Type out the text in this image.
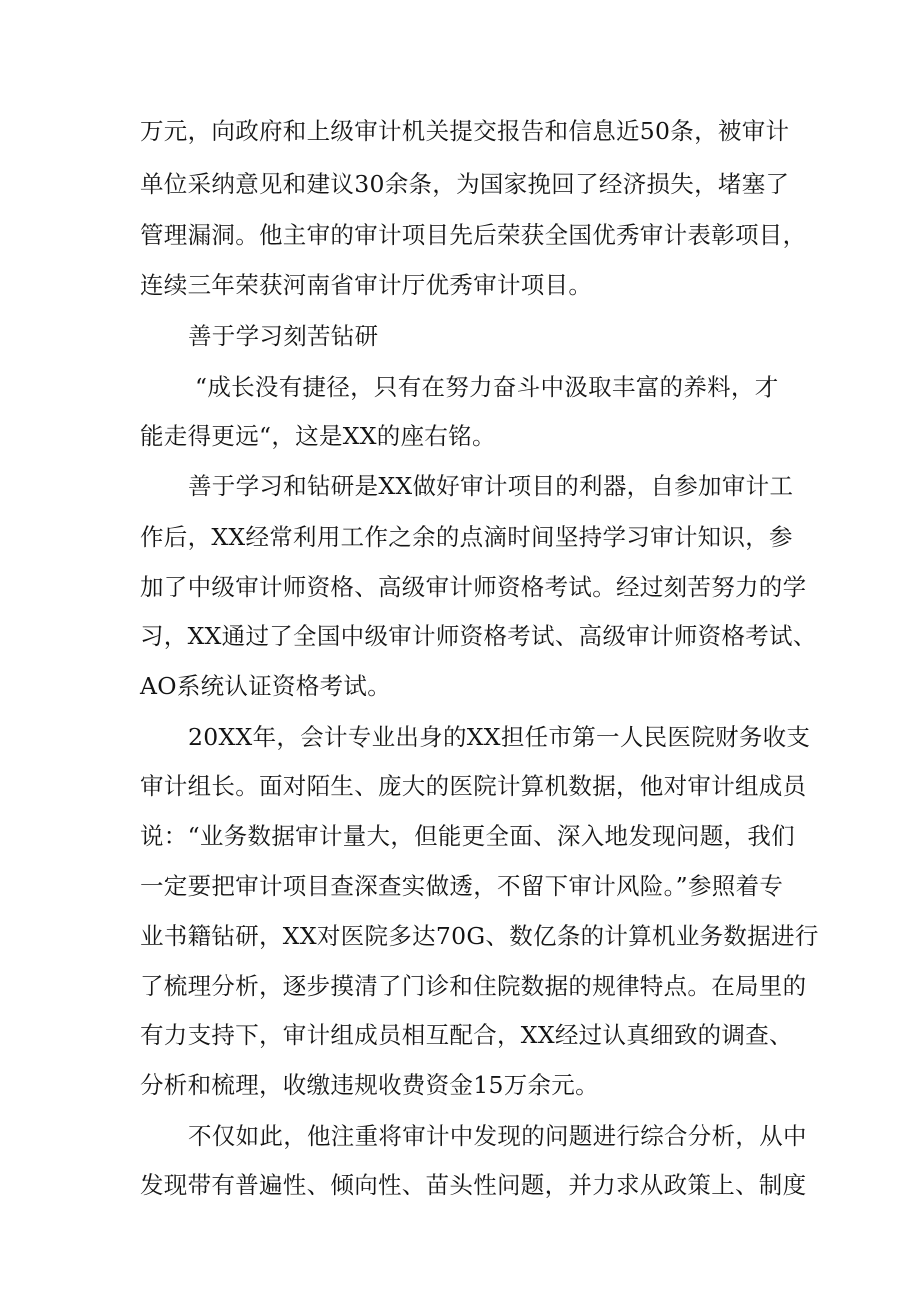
万元，向政府和上级审计机关提交报告和信息近50条，被审计
单位采纳意见和建议30余条，为国家挽回了经济损失，堵塞了
管理漏洞。他主审的审计项目先后荣获全国优秀审计表彰项目，
连续三年荣获河南省审计厅优秀审计项目。
善于学习刻苦钻研
“成长没有捷径，只有在努力奋斗中汲取丰富的养料，才
能走得更远“，这是XX的座右铭。
善于学习和钻研是XX做好审计项目的利器，自参加审计工
作后，XX经常利用工作之余的点滴时间坚持学习审计知识，参
加了中级审计师资格、高级审计师资格考试。经过刻苦努力的学
习，XX通过了全国中级审计师资格考试、高级审计师资格考试、
AO系统认证资格考试。
20XX年，会计专业出身的XX担任市第一人民医院财务收支
审计组长。面对陌生、庞大的医院计算机数据，他对审计组成员
说：“业务数据审计量大，但能更全面、深入地发现问题，我们
一定要把审计项目查深查实做透，不留下审计风险。”参照着专
业书籍钻研，XX对医院多达70G、数亿条的计算机业务数据进行
了梳理分析，逐步摸清了门诊和住院数据的规律特点。在局里的
有力支持下，审计组成员相互配合，XX经过认真细致的调查、
分析和梳理，收缴违规收费资金15万余元。
不仅如此，他注重将审计中发现的问题进行综合分析，从中
发现带有普遍性、倾向性、苗头性问题，并力求从政策上、制度
